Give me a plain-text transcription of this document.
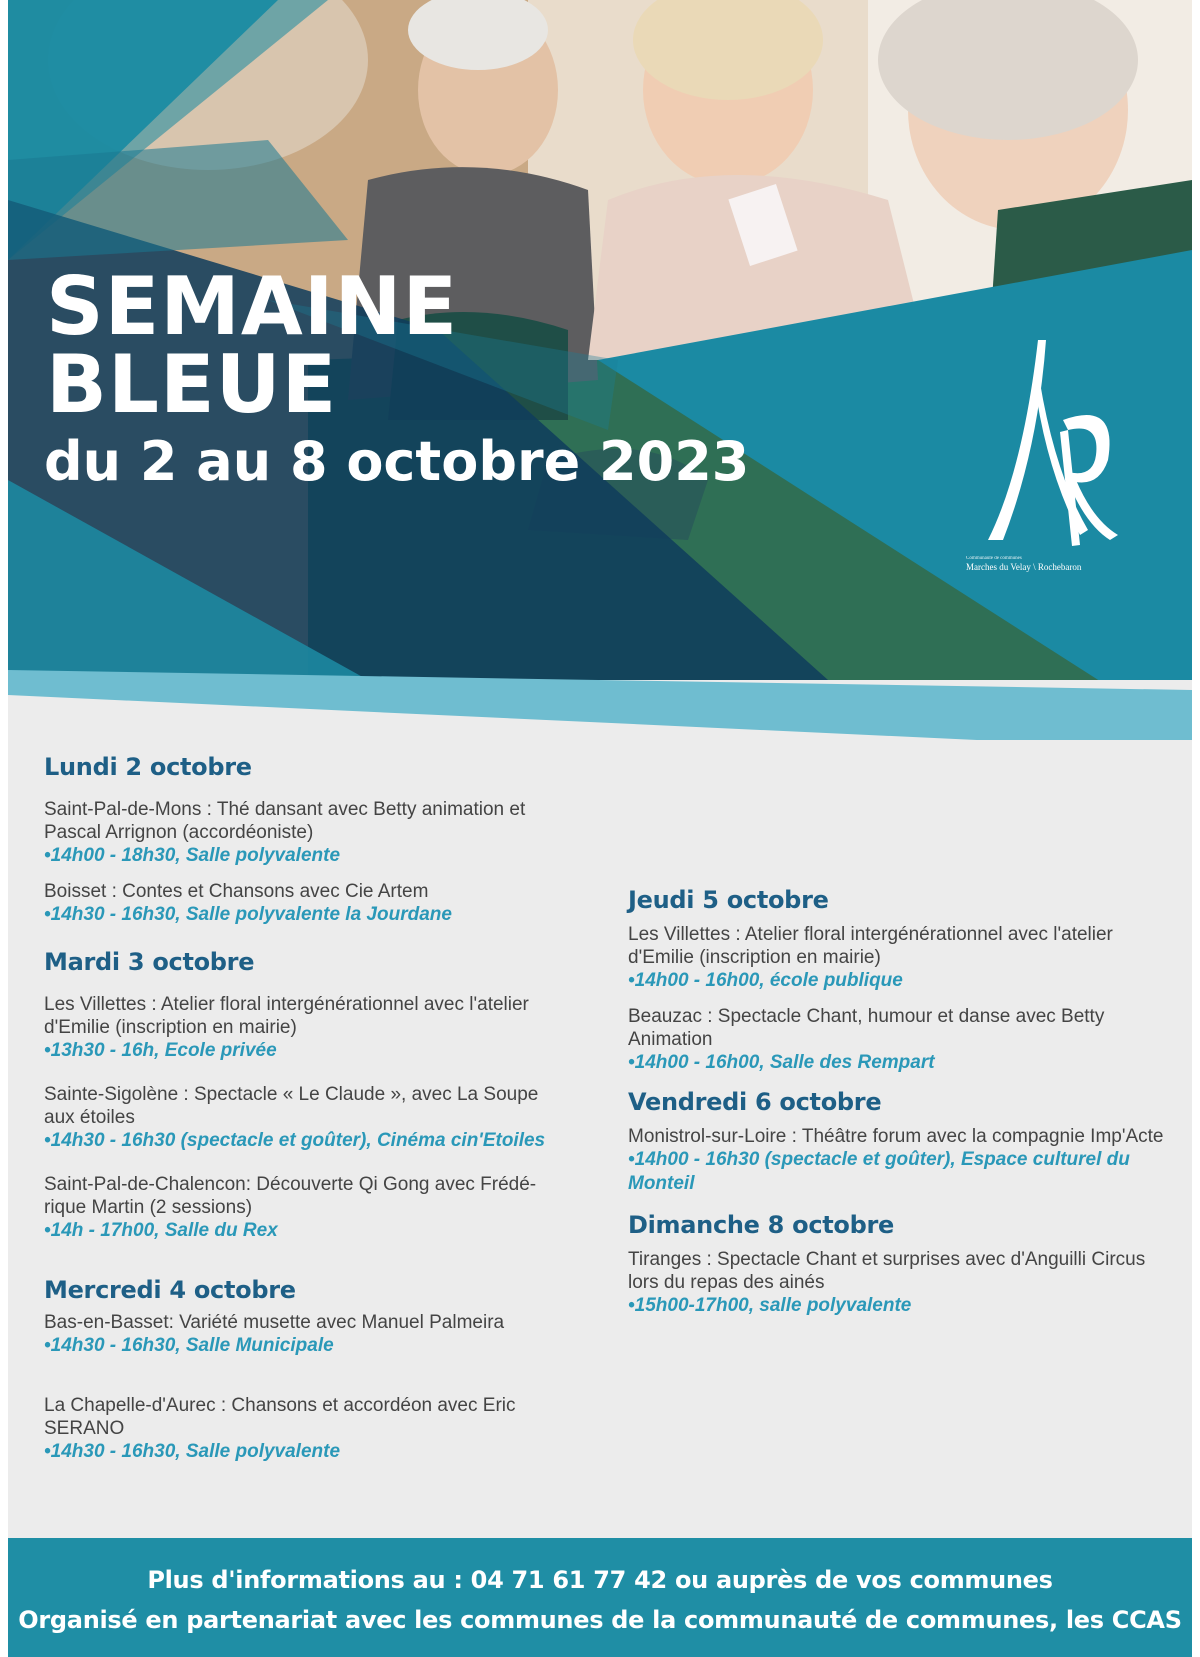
SEMAINE
BLEUE
du 2 au 8 octobre 2023
Communauté de communes
Marches du Velay \ Rochebaron
Lundi 2 octobre
Saint-Pal-de-Mons : Thé dansant avec Betty animation et Pascal Arrignon (accordéoniste)
•14h00 - 18h30, Salle polyvalente
Boisset : Contes et Chansons avec Cie Artem
•14h30 - 16h30, Salle polyvalente la Jourdane
Mardi 3 octobre
Les Villettes : Atelier floral intergénérationnel avec l'atelier d'Emilie (inscription en mairie)
•13h30 - 16h, Ecole privée
Sainte-Sigolène : Spectacle « Le Claude », avec La Soupe aux étoiles
•14h30 - 16h30 (spectacle et goûter), Cinéma cin'Etoiles
Saint-Pal-de-Chalencon: Découverte Qi Gong avec Frédé-rique Martin (2 sessions)
•14h - 17h00, Salle du Rex
Mercredi 4 octobre
Bas-en-Basset: Variété musette avec Manuel Palmeira
•14h30 - 16h30, Salle Municipale
La Chapelle-d'Aurec : Chansons et accordéon avec Eric SERANO
•14h30 - 16h30, Salle polyvalente
Jeudi 5 octobre
Les Villettes : Atelier floral intergénérationnel avec l'atelier d'Emilie (inscription en mairie)
•14h00 - 16h00, école publique
Beauzac : Spectacle Chant, humour et danse avec Betty Animation
•14h00 - 16h00, Salle des Rempart
Vendredi 6 octobre
Monistrol-sur-Loire : Théâtre forum avec la compagnie Imp'Acte
•14h00 - 16h30 (spectacle et goûter), Espace culturel du Monteil
Dimanche 8 octobre
Tiranges : Spectacle Chant et surprises avec d'Anguilli Circus lors du repas des ainés
•15h00-17h00, salle polyvalente
Plus d'informations au : 04 71 61 77 42 ou auprès de vos communes
Organisé en partenariat avec les communes de la communauté de communes, les CCAS
